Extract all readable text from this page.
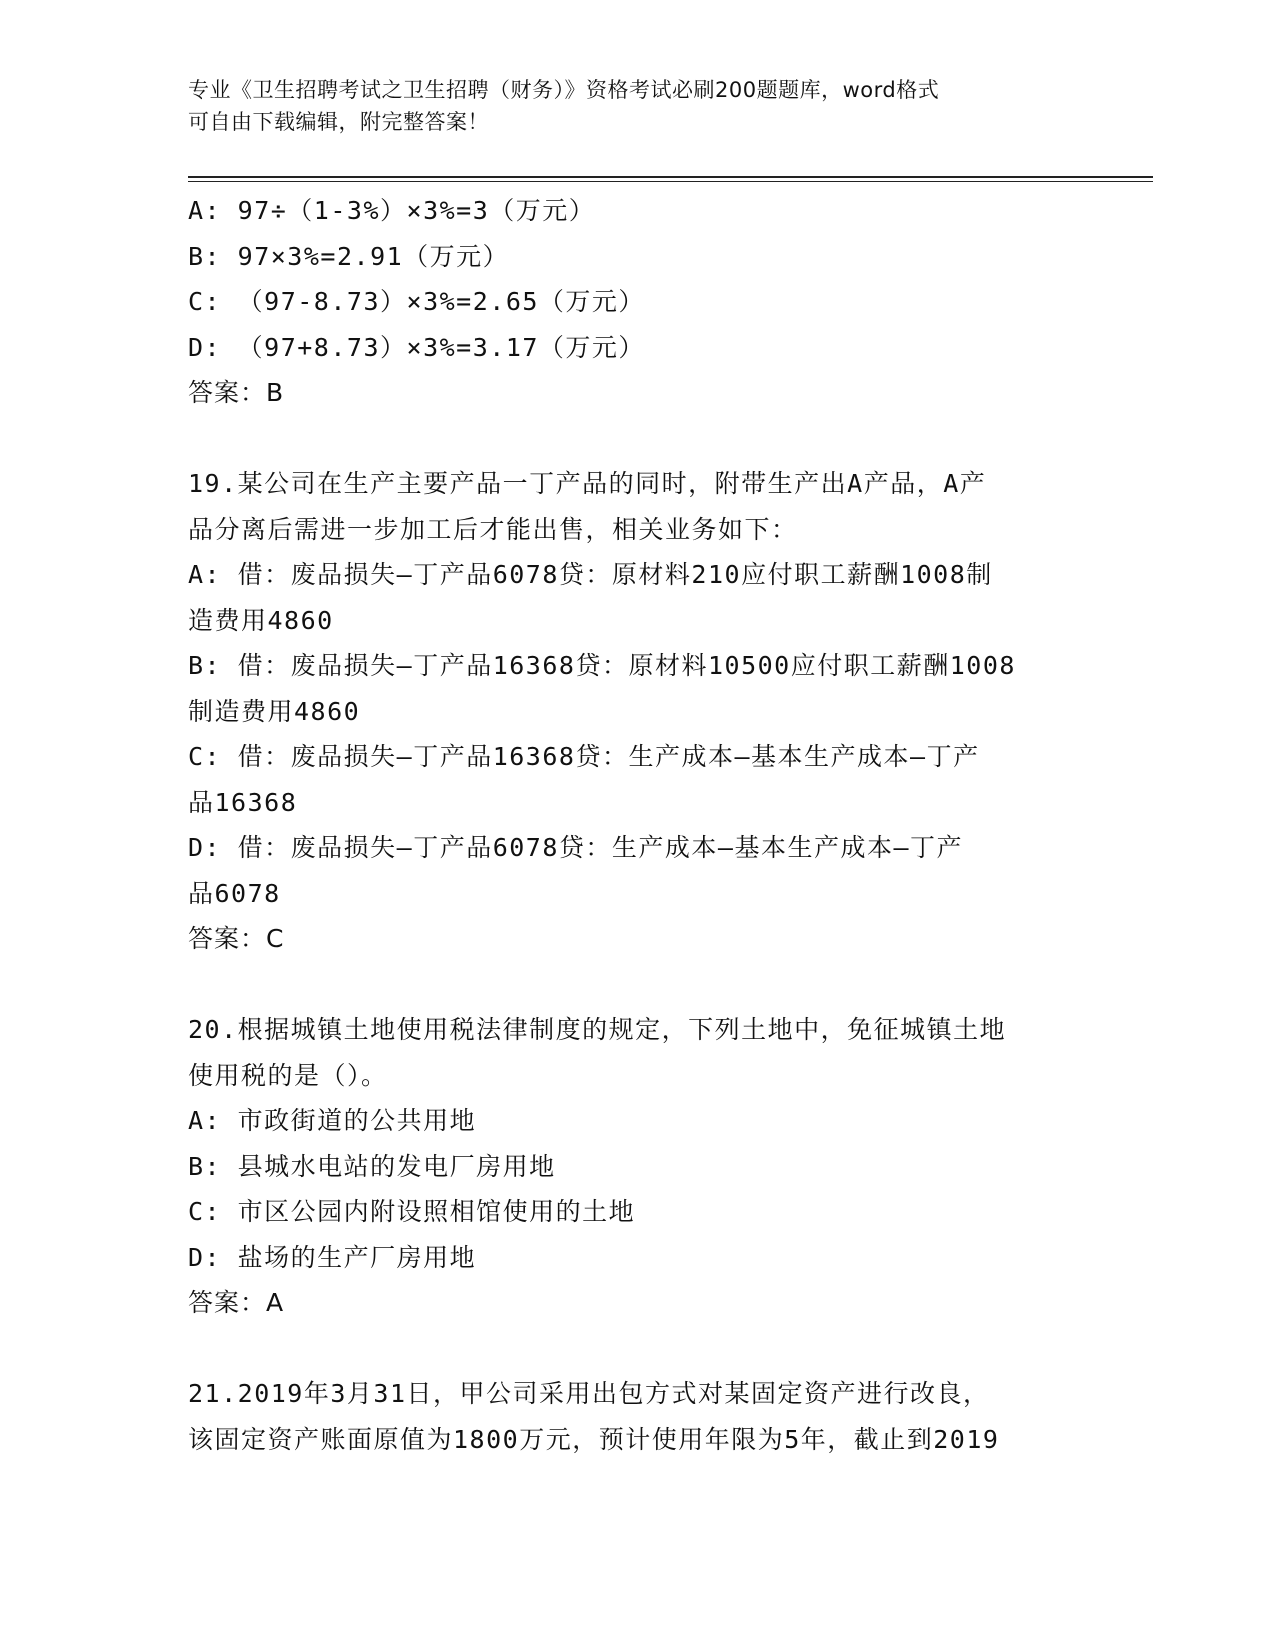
专业《卫生招聘考试之卫生招聘（财务）》资格考试必刷200题题库，word格式
可自由下载编辑，附完整答案！
A: 97÷（1-3%）×3%=3（万元）
B: 97×3%=2.91（万元）
C: （97-8.73）×3%=2.65（万元）
D: （97+8.73）×3%=3.17（万元）
答案：B
19.某公司在生产主要产品一丁产品的同时，附带生产出A产品，A产
品分离后需进一步加工后才能出售，相关业务如下：
A: 借：废品损失—丁产品6078贷：原材料210应付职工薪酬1008制
造费用4860
B: 借：废品损失—丁产品16368贷：原材料10500应付职工薪酬1008
制造费用4860
C: 借：废品损失—丁产品16368贷：生产成本—基本生产成本—丁产
品16368
D: 借：废品损失—丁产品6078贷：生产成本—基本生产成本—丁产
品6078
答案：C
20.根据城镇土地使用税法律制度的规定，下列土地中，免征城镇土地
使用税的是（）。
A: 市政街道的公共用地
B: 县城水电站的发电厂房用地
C: 市区公园内附设照相馆使用的土地
D: 盐场的生产厂房用地
答案：A
21.2019年3月31日，甲公司采用出包方式对某固定资产进行改良，
该固定资产账面原值为1800万元，预计使用年限为5年，截止到2019
